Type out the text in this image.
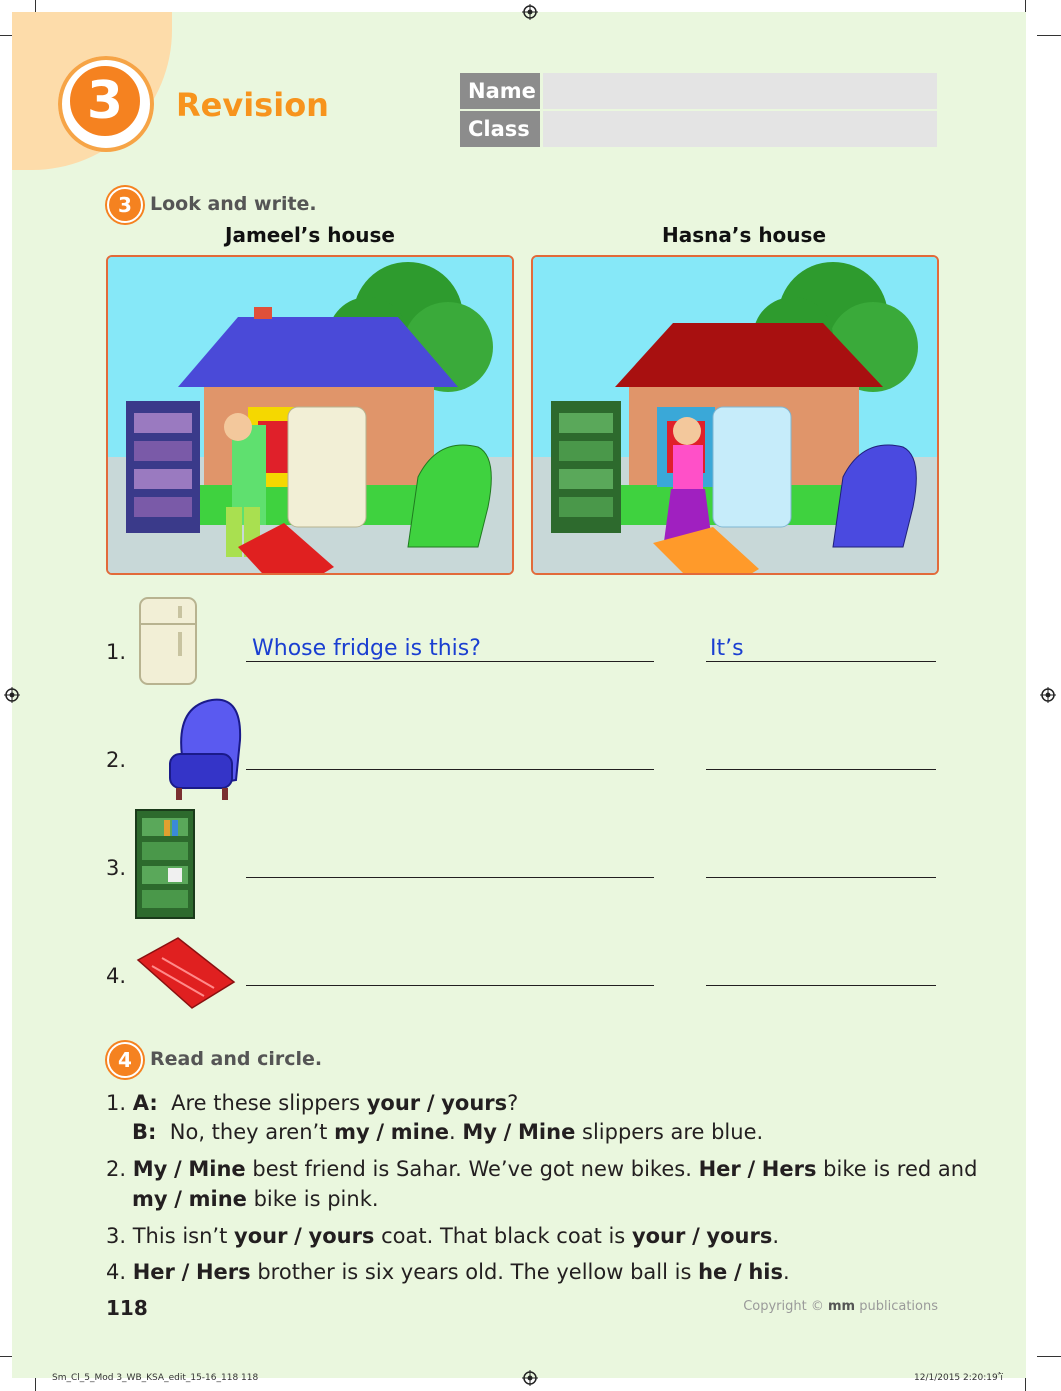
3	Revision	Name
Class
3 Look and write.
Jameel’s house	Hasna’s house
1.	Whose fridge is this?	It’s
2.
3.
4.
4 Read and circle.
1. A: Are these slippers your / yours?
B: No, they aren’t my / mine. My / Mine slippers are blue.
2. My / Mine best friend is Sahar. We’ve got new bikes. Her / Hers bike is red and
my / mine bike is pink.
3. This isn’t your / yours coat. That black coat is your / yours.
4. Her / Hers brother is six years old. The yellow ball is he / his.
118	Copyright © mm publications
Sm_Cl_5_Mod 3_WB_KSA_edit_15-16_118 118	12/1/2015 2:20:19 ٌï
